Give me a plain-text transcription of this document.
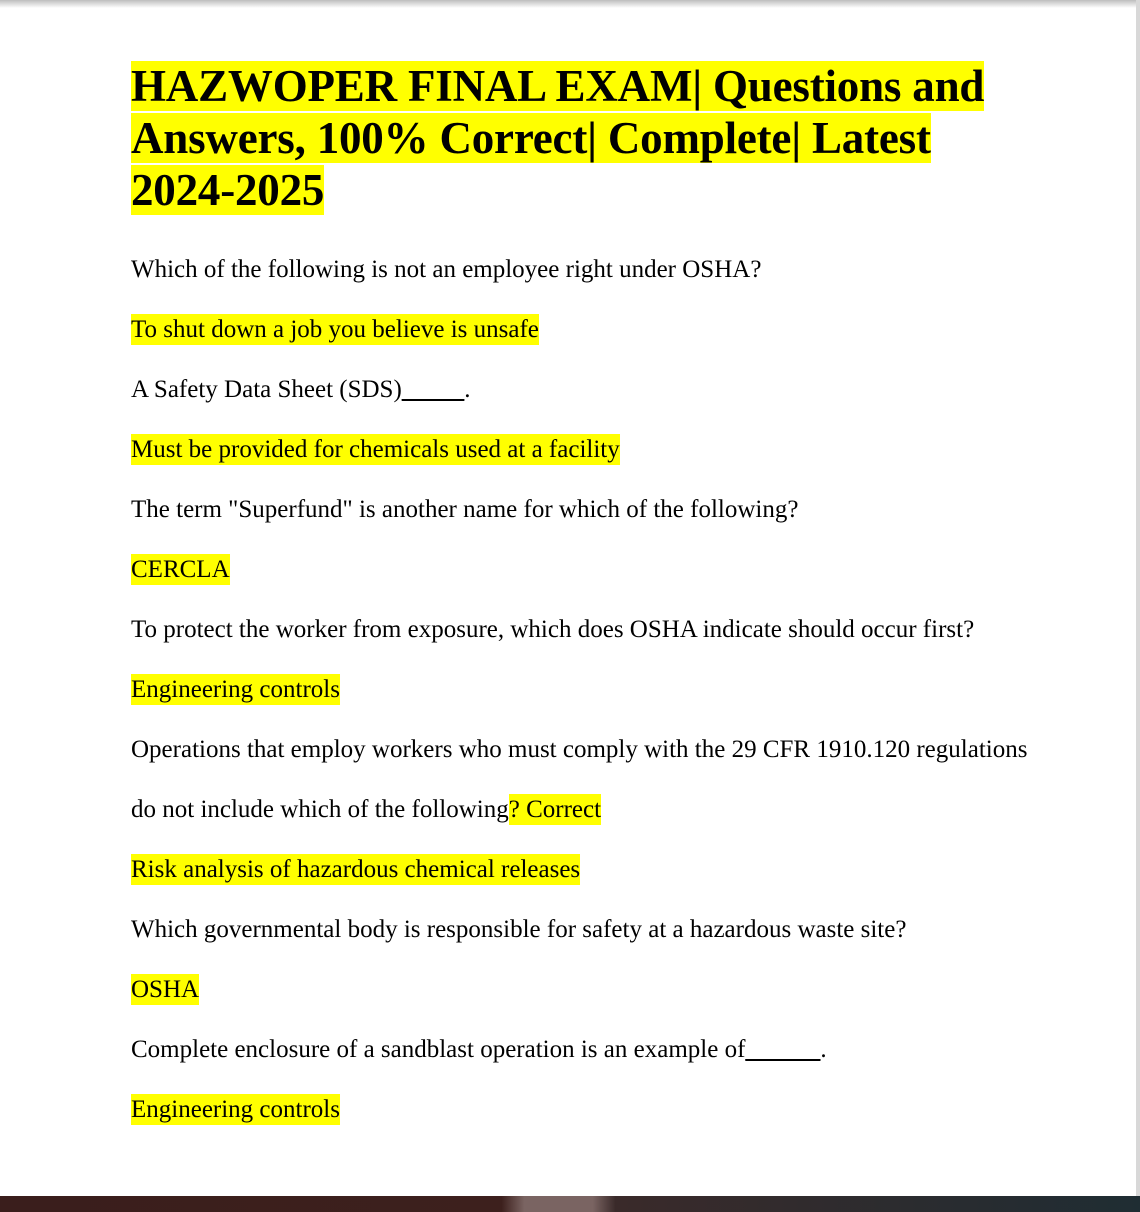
HAZWOPER FINAL EXAM| Questions and Answers, 100% Correct| Complete| Latest 2024-2025
Which of the following is not an employee right under OSHA?
To shut down a job you believe is unsafe
A Safety Data Sheet (SDS)_____.
Must be provided for chemicals used at a facility
The term "Superfund" is another name for which of the following?
CERCLA
To protect the worker from exposure, which does OSHA indicate should occur first?
Engineering controls
Operations that employ workers who must comply with the 29 CFR 1910.120 regulations do not include which of the following? Correct
Risk analysis of hazardous chemical releases
Which governmental body is responsible for safety at a hazardous waste site?
OSHA
Complete enclosure of a sandblast operation is an example of______.
Engineering controls
